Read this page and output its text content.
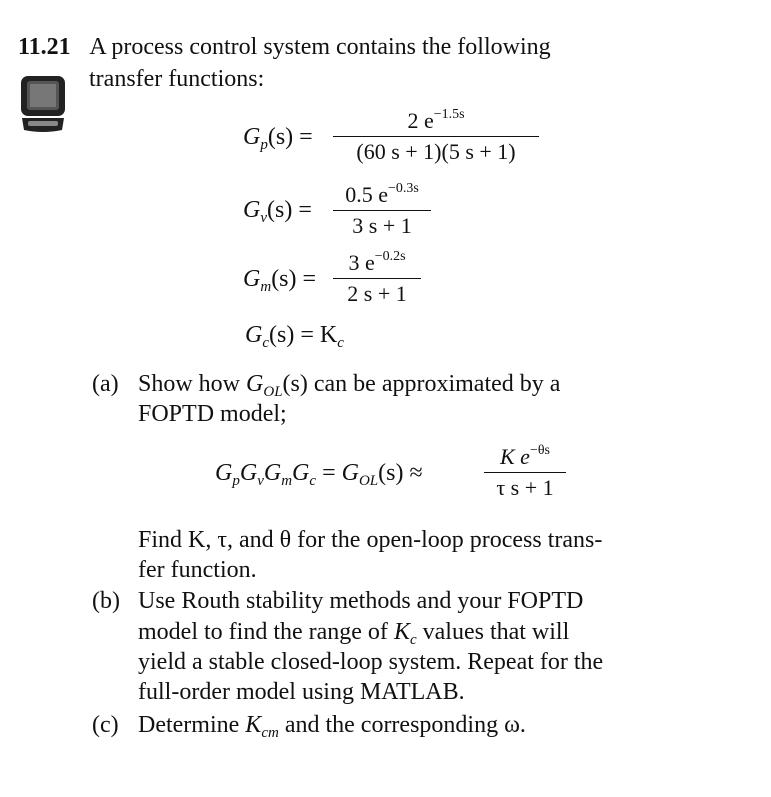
11.21 A process control system contains the following
transfer functions:
$G_p(s)$ =
2 $e^{-1.5s}$
(60 s + 1)(5 s + 1)
$G_v(s)$ =
0.5 $e^{-0.3s}$
3 s + 1
$G_m(s)$ =
3 $e^{-0.2s}$
2 s + 1
$G_c(s) = K_c$
(a) Show how $G_{OL}(s)$ can be approximated by a
FOPTD model;
$G_pG_vG_mG_c = G_{OL}(s)$ ≈
K $e^{-\theta s}$
τ s + 1
Find K, τ, and θ for the open-loop process trans-
fer function.
(b) Use Routh stability methods and your FOPTD
model to find the range of $K_c$ values that will
yield a stable closed-loop system. Repeat for the
full-order model using MATLAB.
(c) Determine $K_{cm}$ and the corresponding ω.
